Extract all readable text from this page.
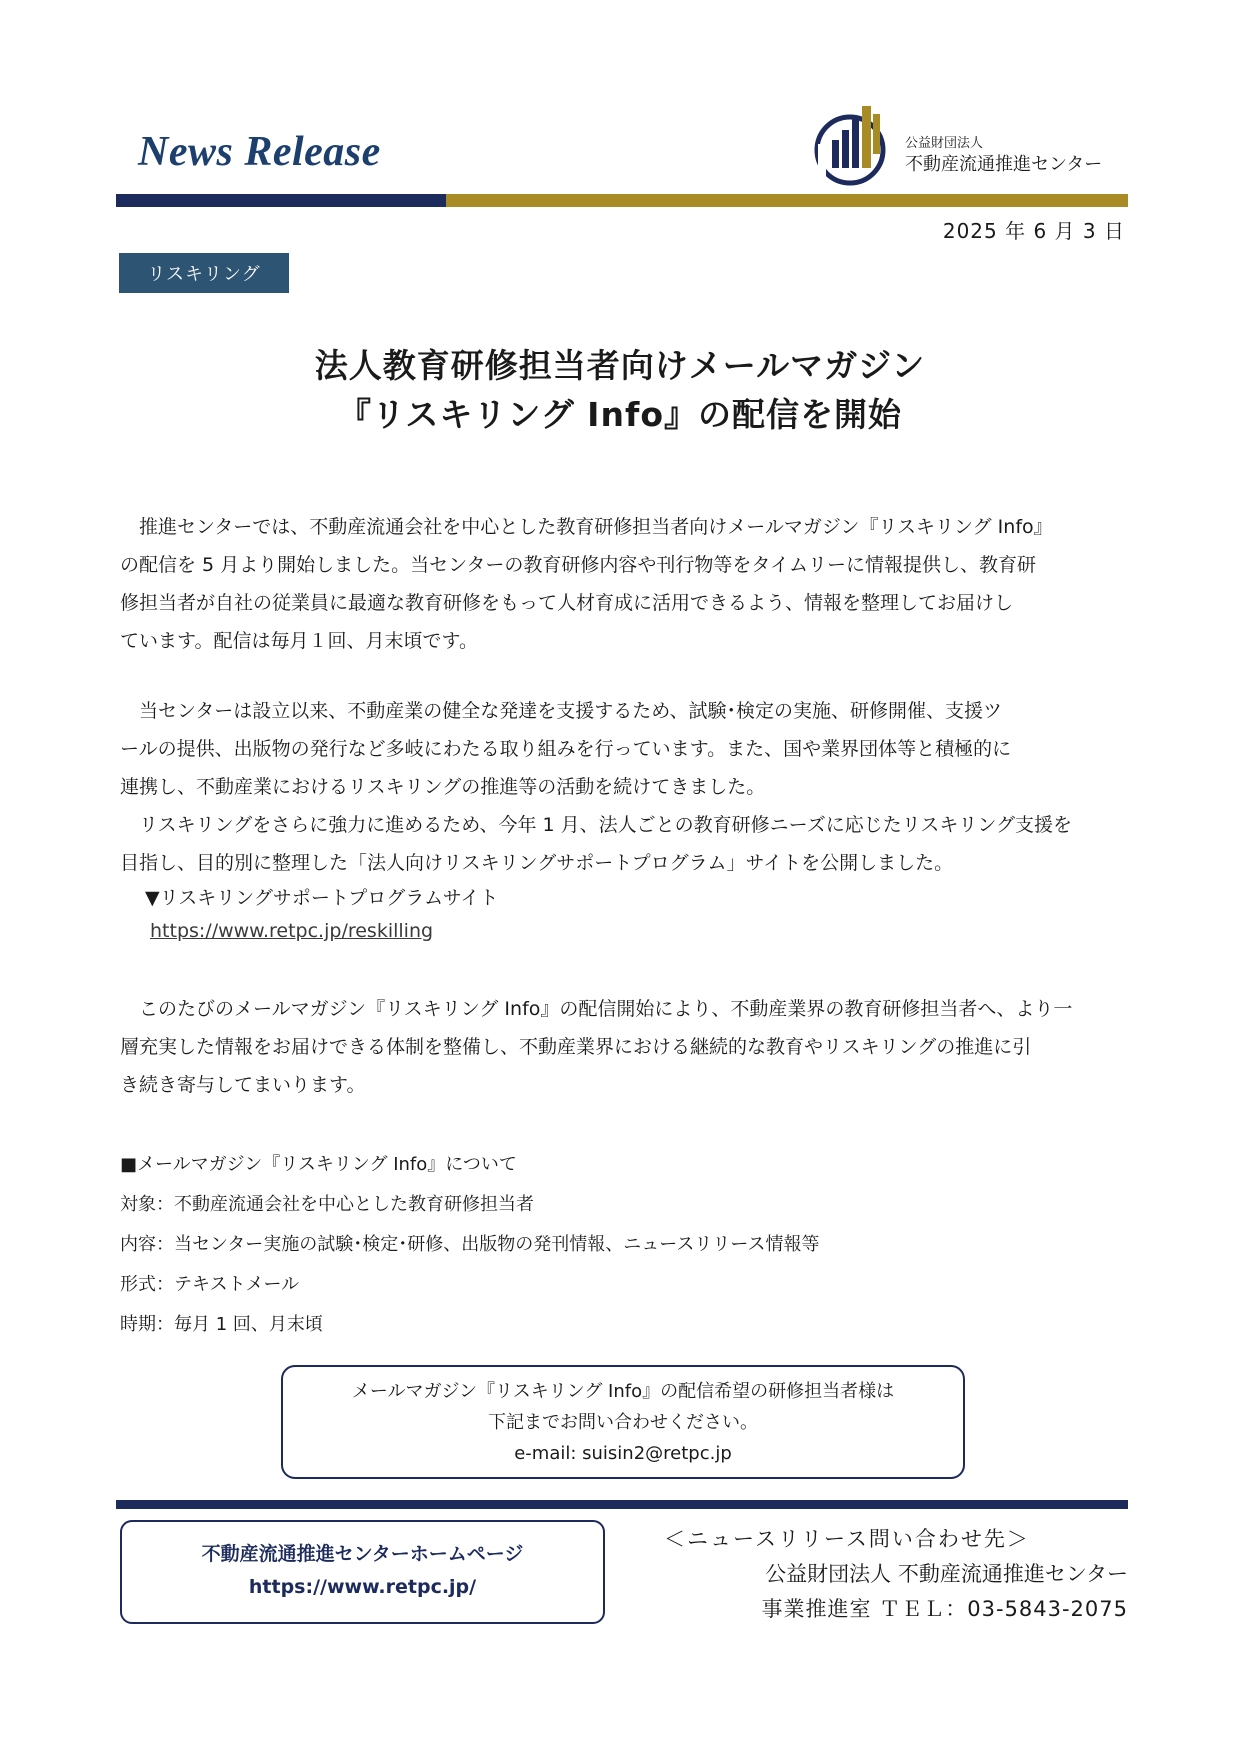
News Release	公益財団法人
不動産流通推進センター
2025 年 6 月 3 日
リスキリング
法人教育研修担当者向けメールマガジン
『リスキリング Info』の配信を開始

　推進センターでは、不動産流通会社を中心とした教育研修担当者向けメールマガジン『リスキリング Info』

の配信を 5 月より開始しました。当センターの教育研修内容や刊行物等をタイムリーに情報提供し、教育研

修担当者が自社の従業員に最適な教育研修をもって人材育成に活用できるよう、情報を整理してお届けし

ています。配信は毎月１回、月末頃です。

　当センターは設立以来、不動産業の健全な発達を支援するため、試験･検定の実施、研修開催、支援ツ

ールの提供、出版物の発行など多岐にわたる取り組みを行っています。また、国や業界団体等と積極的に

連携し、不動産業におけるリスキリングの推進等の活動を続けてきました。

　リスキリングをさらに強力に進めるため、今年 1 月、法人ごとの教育研修ニーズに応じたリスキリング支援を

目指し、目的別に整理した「法人向けリスキリングサポートプログラム」サイトを公開しました。

▼リスキリングサポートプログラムサイト
https://www.retpc.jp/reskilling

　このたびのメールマガジン『リスキリング Info』の配信開始により、不動産業界の教育研修担当者へ、より一

層充実した情報をお届けできる体制を整備し、不動産業界における継続的な教育やリスキリングの推進に引

き続き寄与してまいります。

■メールマガジン『リスキリング Info』について
対象：不動産流通会社を中心とした教育研修担当者
内容：当センター実施の試験･検定･研修、出版物の発刊情報、ニュースリリース情報等
形式：テキストメール
時期：毎月 1 回、月末頃
メールマガジン『リスキリング Info』の配信希望の研修担当者様は
下記までお問い合わせください。
e-mail: suisin2@retpc.jp
不動産流通推進センターホームページ
https://www.retpc.jp/
＜ニュースリリース問い合わせ先＞
公益財団法人 不動産流通推進センター
事業推進室 ＴＥＬ：03-5843-2075
